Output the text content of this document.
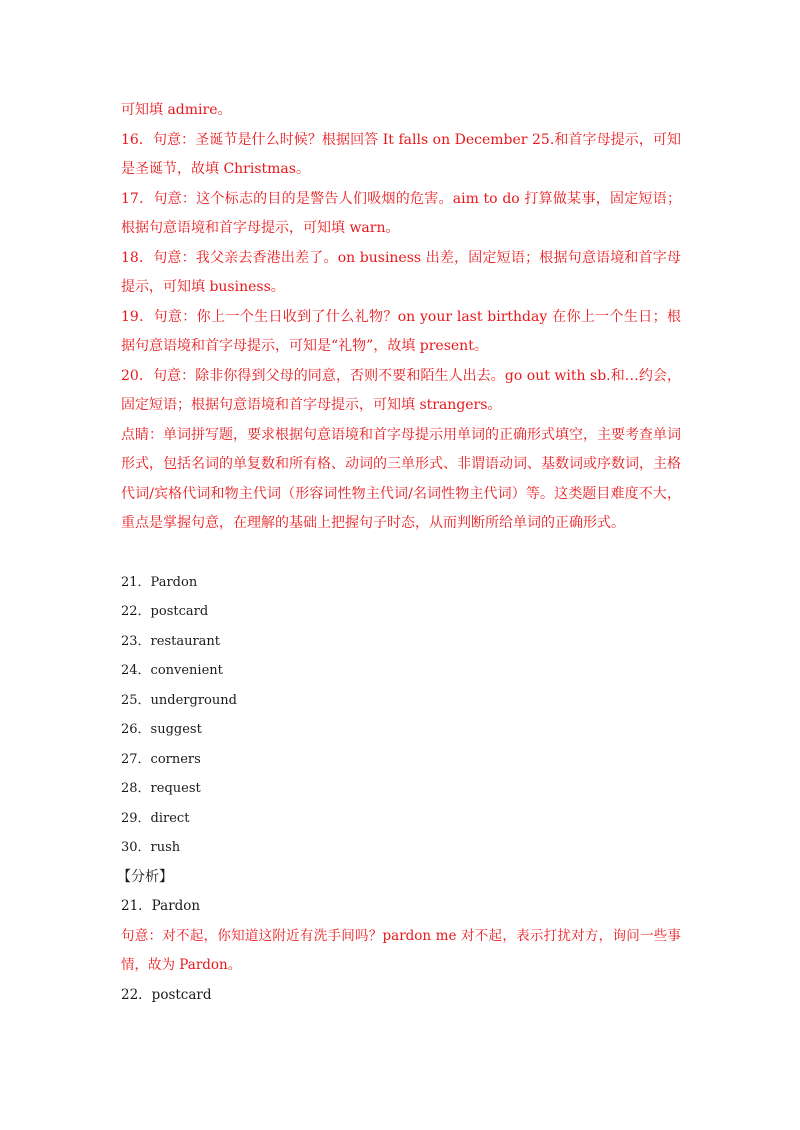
可知填 admire。

16．句意：圣诞节是什么时候？根据回答 It falls on December 25.和首字母提示，可知是圣诞节，故填 Christmas。

17．句意：这个标志的目的是警告人们吸烟的危害。aim to do 打算做某事，固定短语；根据句意语境和首字母提示，可知填 warn。

18．句意：我父亲去香港出差了。on business 出差，固定短语；根据句意语境和首字母提示，可知填 business。

19．句意：你上一个生日收到了什么礼物？on your last birthday 在你上一个生日；根据句意语境和首字母提示，可知是“礼物”，故填 present。

20．句意：除非你得到父母的同意，否则不要和陌生人出去。go out with sb.和…约会，固定短语；根据句意语境和首字母提示，可知填 strangers。

点睛：单词拼写题，要求根据句意语境和首字母提示用单词的正确形式填空，主要考查单词形式，包括名词的单复数和所有格、动词的三单形式、非谓语动词、基数词或序数词，主格代词/宾格代词和物主代词（形容词性物主代词/名词性物主代词）等。这类题目难度不大，重点是掌握句意，在理解的基础上把握句子时态，从而判断所给单词的正确形式。

21．Pardon
22．postcard
23．restaurant
24．convenient
25．underground
26．suggest
27．corners
28．request
29．direct
30．rush
【分析】

21．Pardon

句意：对不起，你知道这附近有洗手间吗？pardon me 对不起，表示打扰对方，询问一些事情，故为 Pardon。

22．postcard
